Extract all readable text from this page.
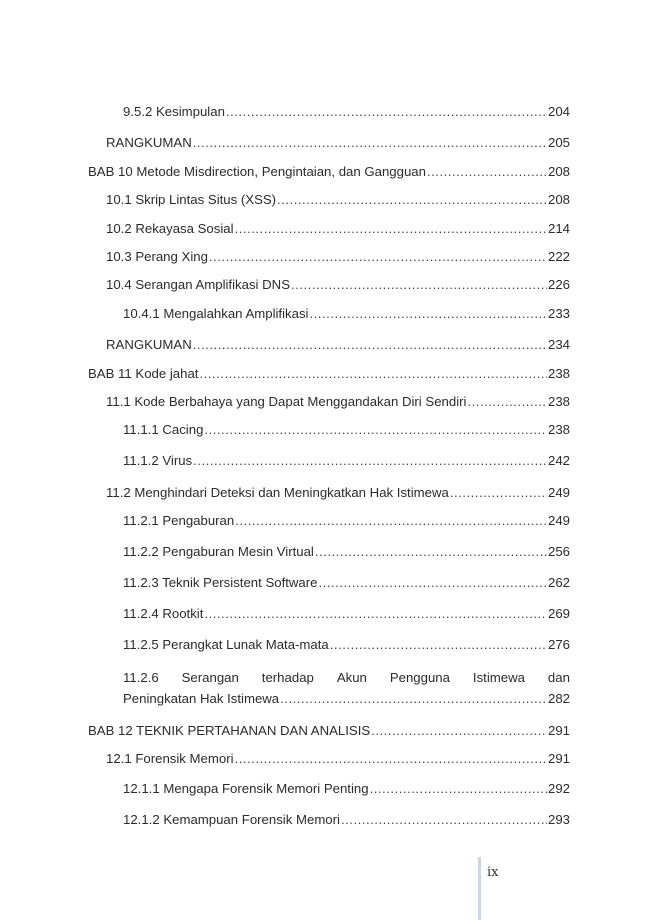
9.5.2 Kesimpulan .....	204
RANGKUMAN .....	205
BAB 10 Metode Misdirection, Pengintaian, dan Gangguan .....	208
10.1 Skrip Lintas Situs (XSS) .....	208
10.2 Rekayasa Sosial .....	214
10.3 Perang Xing .....	222
10.4 Serangan Amplifikasi DNS .....	226
10.4.1 Mengalahkan Amplifikasi .....	233
RANGKUMAN .....	234
BAB 11 Kode jahat .....	238
11.1 Kode Berbahaya yang Dapat Menggandakan Diri Sendiri .....	238
11.1.1 Cacing .....	238
11.1.2 Virus .....	242
11.2 Menghindari Deteksi dan Meningkatkan Hak Istimewa .....	249
11.2.1 Pengaburan .....	249
11.2.2 Pengaburan Mesin Virtual .....	256
11.2.3 Teknik Persistent Software .....	262
11.2.4 Rootkit .....	269
11.2.5 Perangkat Lunak Mata-mata .....	276
11.2.6 Serangan terhadap Akun Pengguna Istimewa dan
Peningkatan Hak Istimewa .....	282
BAB 12 TEKNIK PERTAHANAN DAN ANALISIS .....	291
12.1 Forensik Memori .....	291
12.1.1 Mengapa Forensik Memori Penting .....	292
12.1.2 Kemampuan Forensik Memori .....	293
ix
